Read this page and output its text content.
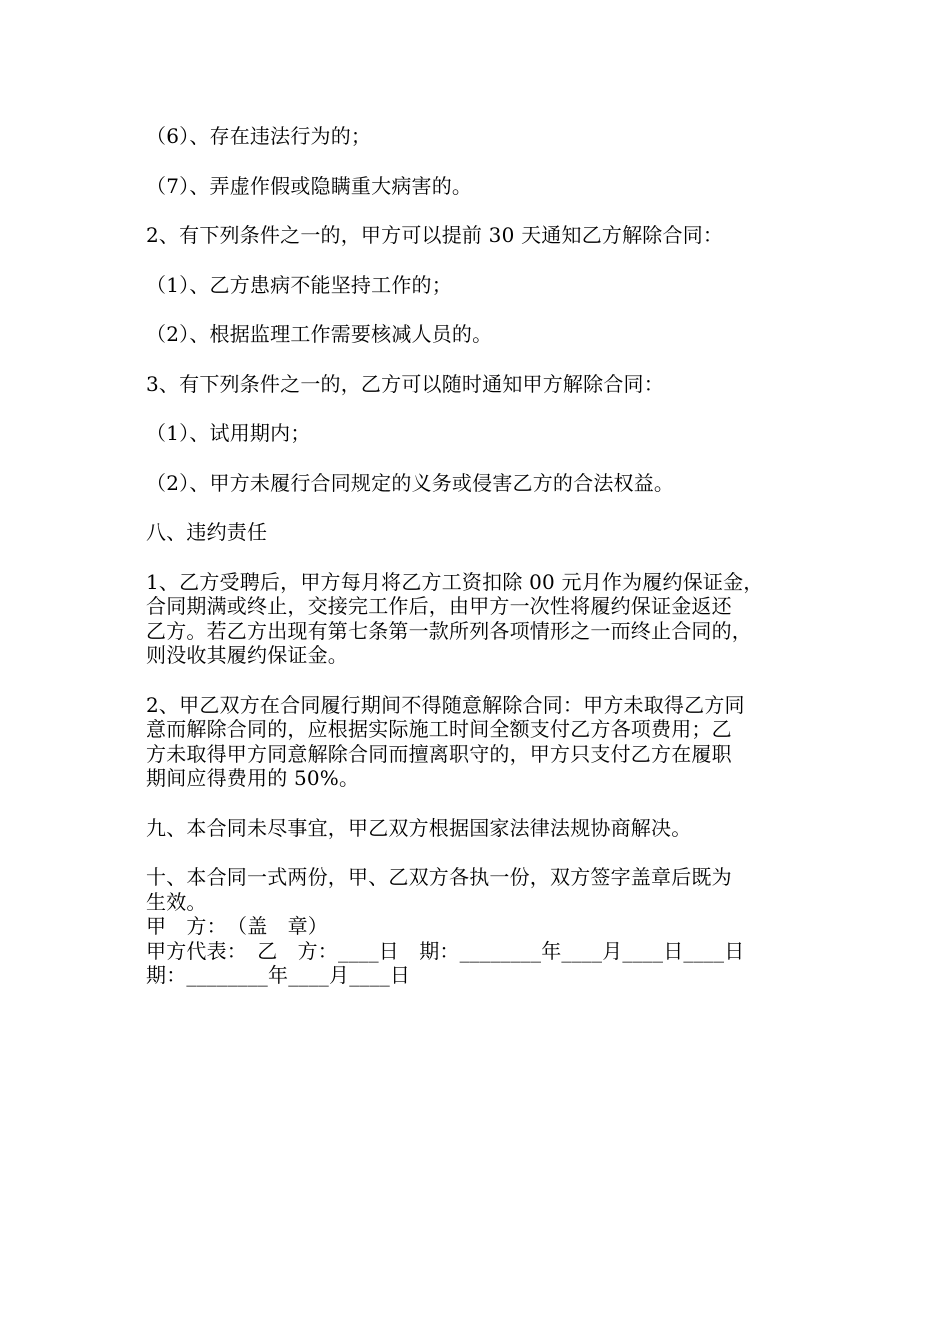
（6）、存在违法行为的；

（7）、弄虚作假或隐瞒重大病害的。

2、有下列条件之一的，甲方可以提前 30 天通知乙方解除合同：

（1）、乙方患病不能坚持工作的；

（2）、根据监理工作需要核减人员的。

3、有下列条件之一的，乙方可以随时通知甲方解除合同：

（1）、试用期内；

（2）、甲方未履行合同规定的义务或侵害乙方的合法权益。

八、违约责任

1、乙方受聘后，甲方每月将乙方工资扣除 00 元月作为履约保证金，
合同期满或终止，交接完工作后，由甲方一次性将履约保证金返还
乙方。若乙方出现有第七条第一款所列各项情形之一而终止合同的，
则没收其履约保证金。
2、甲乙双方在合同履行期间不得随意解除合同：甲方未取得乙方同
意而解除合同的，应根据实际施工时间全额支付乙方各项费用；乙
方未取得甲方同意解除合同而擅离职守的，甲方只支付乙方在履职
期间应得费用的 50%。

九、本合同未尽事宜，甲乙双方根据国家法律法规协商解决。

十、本合同一式两份，甲、乙双方各执一份，双方签字盖章后既为
生效。
甲　方：　（盖　章）
甲方代表：　乙　方：____日　期：________年____月____日____日
期：________年____月____日
